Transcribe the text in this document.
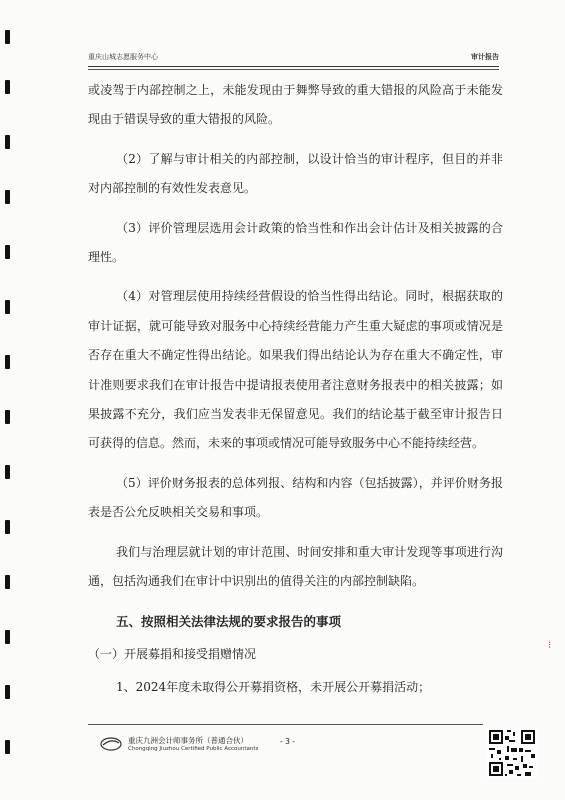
重庆山城志愿服务中心	审计报告

或凌驾于内部控制之上，未能发现由于舞弊导致的重大错报的风险高于未能发现由于错误导致的重大错报的风险。

（2）了解与审计相关的内部控制，以设计恰当的审计程序，但目的并非对内部控制的有效性发表意见。

（3）评价管理层选用会计政策的恰当性和作出会计估计及相关披露的合理性。

（4）对管理层使用持续经营假设的恰当性得出结论。同时，根据获取的审计证据，就可能导致对服务中心持续经营能力产生重大疑虑的事项或情况是否存在重大不确定性得出结论。如果我们得出结论认为存在重大不确定性，审计准则要求我们在审计报告中提请报表使用者注意财务报表中的相关披露；如果披露不充分，我们应当发表非无保留意见。我们的结论基于截至审计报告日可获得的信息。然而，未来的事项或情况可能导致服务中心不能持续经营。

（5）评价财务报表的总体列报、结构和内容（包括披露），并评价财务报表是否公允反映相关交易和事项。

我们与治理层就计划的审计范围、时间安排和重大审计发现等事项进行沟通，包括沟通我们在审计中识别出的值得关注的内部控制缺陷。

五、按照相关法律法规的要求报告的事项

（一）开展募捐和接受捐赠情况

1、2024年度未取得公开募捐资格，未开展公开募捐活动；

⁝
重庆九洲会计师事务所（普通合伙）
Chongqing Jiuzhou Certified Public Accountants
- 3 -
